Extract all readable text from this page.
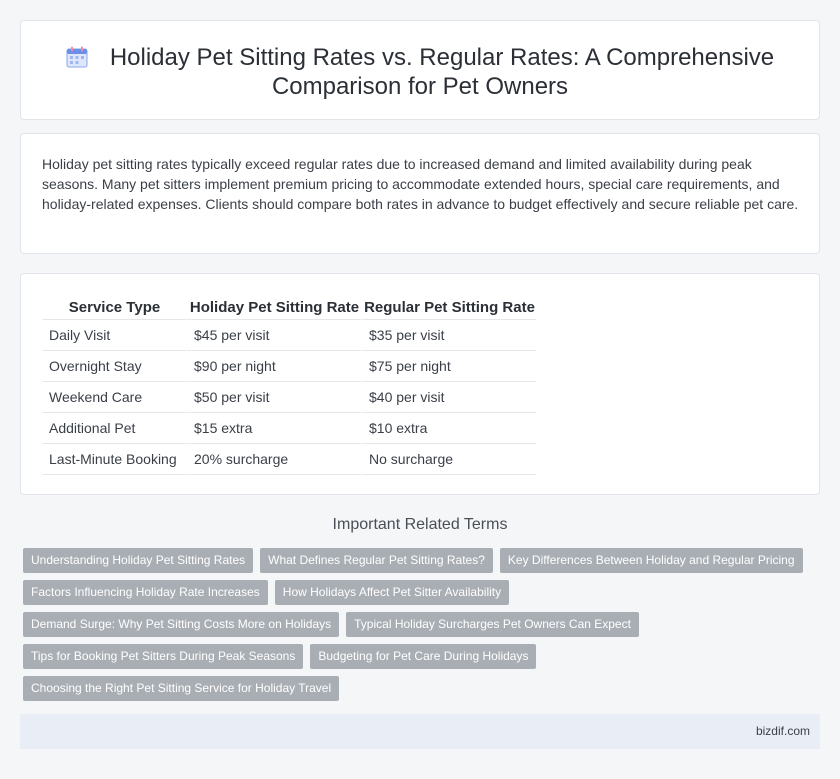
Holiday Pet Sitting Rates vs. Regular Rates: A Comprehensive
Comparison for Pet Owners

Holiday pet sitting rates typically exceed regular rates due to increased demand and limited availability during peak seasons. Many pet sitters implement premium pricing to accommodate extended hours, special care requirements, and holiday-related expenses. Clients should compare both rates in advance to budget effectively and secure reliable pet care.

Service Type	Holiday Pet Sitting Rate	Regular Pet Sitting Rate
Daily Visit	$45 per visit	$35 per visit
Overnight Stay	$90 per night	$75 per night
Weekend Care	$50 per visit	$40 per visit
Additional Pet	$15 extra	$10 extra
Last-Minute Booking	20% surcharge	No surcharge
Important Related Terms
Understanding Holiday Pet Sitting Rates	What Defines Regular Pet Sitting Rates?	Key Differences Between Holiday and Regular Pricing
Factors Influencing Holiday Rate Increases	How Holidays Affect Pet Sitter Availability
Demand Surge: Why Pet Sitting Costs More on Holidays	Typical Holiday Surcharges Pet Owners Can Expect
Tips for Booking Pet Sitters During Peak Seasons	Budgeting for Pet Care During Holidays
Choosing the Right Pet Sitting Service for Holiday Travel
bizdif.com
